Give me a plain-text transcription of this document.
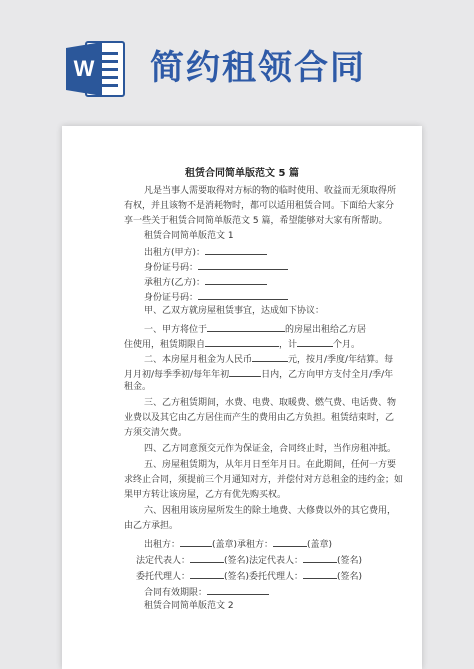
W 简约租领合同
租赁合同简单版范文 5 篇
凡是当事人需要取得对方标的物的临时使用、收益而无须取得所
有权，并且该物不是消耗物时，都可以适用租赁合同。下面给大家分
享一些关于租赁合同简单版范文 5 篇，希望能够对大家有所帮助。
租赁合同简单版范文 1
出租方(甲方)：
身份证号码：
承租方(乙方)：
身份证号码：
甲、乙双方就房屋租赁事宜，达成如下协议：
一、甲方将位于	的房屋出租给乙方居
住使用，租赁期限自	，计	个月。
二、本房屋月租金为人民币	元，按月/季度/年结算。每
月月初/每季季初/每年年初	日内，乙方向甲方支付全月/季/年
租金。
三、乙方租赁期间，水费、电费、取暖费、燃气费、电话费、物
业费以及其它由乙方居住而产生的费用由乙方负担。租赁结束时，乙
方须交清欠费。
四、乙方同意预交元作为保证金，合同终止时，当作房租冲抵。
五、房屋租赁期为，从年月日至年月日。在此期间，任何一方要
求终止合同，须提前三个月通知对方，并偿付对方总租金的违约金；如
果甲方转让该房屋，乙方有优先购买权。
六、因租用该房屋所发生的除土地费、大修费以外的其它费用，
由乙方承担。
出租方：	(盖章)承租方：	(盖章)
法定代表人：	(签名)法定代表人：	(签名)
委托代理人：	(签名)委托代理人：	(签名)
合同有效期限：
租赁合同简单版范文 2
